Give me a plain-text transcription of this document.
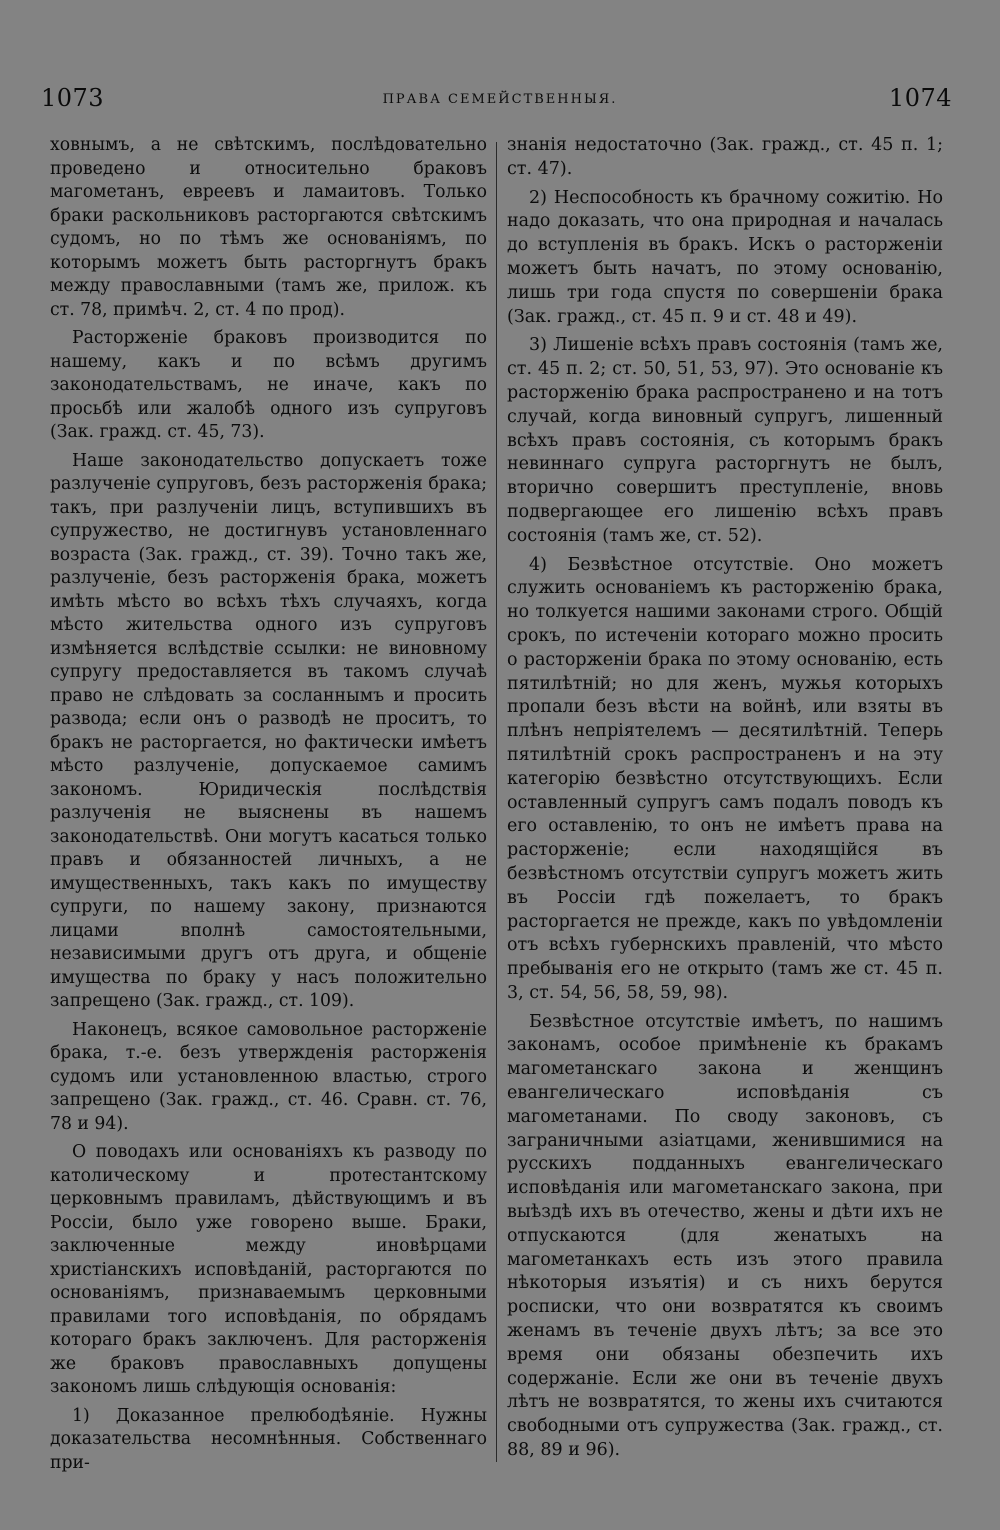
1073	ПРАВА СЕМЕЙСТВЕННЫЯ.	1074

ховнымъ, а не свѣтскимъ, послѣдовательно проведено и относительно браковъ магометанъ, евреевъ и ламаитовъ. Только браки раскольниковъ расторгаются свѣтскимъ судомъ, но по тѣмъ же основаніямъ, по которымъ можетъ быть расторгнутъ бракъ между православными (тамъ же, прилож. къ ст. 78, примѣч. 2, ст. 4 по прод).

Расторженіе браковъ производится по нашему, какъ и по всѣмъ другимъ законодательствамъ, не иначе, какъ по просьбѣ или жалобѣ одного изъ супруговъ (Зак. гражд. ст. 45, 73).

Наше законодательство допускаетъ тоже разлученіе супруговъ, безъ расторженія брака; такъ, при разлученіи лицъ, вступившихъ въ супружество, не достигнувъ установленнаго возраста (Зак. гражд., ст. 39). Точно такъ же, разлученіе, безъ расторженія брака, можетъ имѣть мѣсто во всѣхъ тѣхъ случаяхъ, когда мѣсто жительства одного изъ супруговъ измѣняется вслѣдствіе ссылки: не виновному супругу предоставляется въ такомъ случаѣ право не слѣдовать за сосланнымъ и просить развода; если онъ о разводѣ не проситъ, то бракъ не расторгается, но фактически имѣетъ мѣсто разлученіе, допускаемое самимъ закономъ. Юридическія послѣдствія разлученія не выяснены въ нашемъ законодательствѣ. Они могутъ касаться только правъ и обязанностей личныхъ, а не имущественныхъ, такъ какъ по имуществу супруги, по нашему закону, признаются лицами вполнѣ самостоятельными, независимыми другъ отъ друга, и общеніе имущества по браку у насъ положительно запрещено (Зак. гражд., ст. 109).

Наконецъ, всякое самовольное расторженіе брака, т.-е. безъ утвержденія расторженія судомъ или установленною властью, строго запрещено (Зак. гражд., ст. 46. Сравн. ст. 76, 78 и 94).

О поводахъ или основаніяхъ къ разводу по католическому и протестантскому церковнымъ правиламъ, дѣйствующимъ и въ Россіи, было уже говорено выше. Браки, заключенные между иновѣрцами христіанскихъ исповѣданій, расторгаются по основаніямъ, признаваемымъ церковными правилами того исповѣданія, по обрядамъ котораго бракъ заключенъ. Для расторженія же браковъ православныхъ допущены закономъ лишь слѣдующія основанія:

1) Доказанное прелюбодѣяніе. Нужны доказательства несомнѣнныя. Собственнаго при-

знанія недостаточно (Зак. гражд., ст. 45 п. 1; ст. 47).

2) Неспособность къ брачному сожитію. Но надо доказать, что она природная и началась до вступленія въ бракъ. Искъ о расторженіи можетъ быть начатъ, по этому основанію, лишь три года спустя по совершеніи брака (Зак. гражд., ст. 45 п. 9 и ст. 48 и 49).

3) Лишеніе всѣхъ правъ состоянія (тамъ же, ст. 45 п. 2; ст. 50, 51, 53, 97). Это основаніе къ расторженію брака распространено и на тотъ случай, когда виновный супругъ, лишенный всѣхъ правъ состоянія, съ которымъ бракъ невиннаго супруга расторгнутъ не былъ, вторично совершитъ преступленіе, вновь подвергающее его лишенію всѣхъ правъ состоянія (тамъ же, ст. 52).

4) Безвѣстное отсутствіе. Оно можетъ служить основаніемъ къ расторженію брака, но толкуется нашими законами строго. Общій срокъ, по истеченіи котораго можно просить о расторженіи брака по этому основанію, есть пятилѣтній; но для женъ, мужья которыхъ пропали безъ вѣсти на войнѣ, или взяты въ плѣнъ непріятелемъ — десятилѣтній. Теперь пятилѣтній срокъ распространенъ и на эту категорію безвѣстно отсутствующихъ. Если оставленный супругъ самъ подалъ поводъ къ его оставленію, то онъ не имѣетъ права на расторженіе; если находящійся въ безвѣстномъ отсутствіи супругъ можетъ жить въ Россіи гдѣ пожелаетъ, то бракъ расторгается не прежде, какъ по увѣдомленіи отъ всѣхъ губернскихъ правленій, что мѣсто пребыванія его не открыто (тамъ же ст. 45 п. 3, ст. 54, 56, 58, 59, 98).

Безвѣстное отсутствіе имѣетъ, по нашимъ законамъ, особое примѣненіе къ бракамъ магометанскаго закона и женщинъ евангелическаго исповѣданія съ магометанами. По своду законовъ, съ заграничными азіатцами, женившимися на русскихъ подданныхъ евангелическаго исповѣданія или магометанскаго закона, при выѣздѣ ихъ въ отечество, жены и дѣти ихъ не отпускаются (для женатыхъ на магометанкахъ есть изъ этого правила нѣкоторыя изъятія) и съ нихъ берутся росписки, что они возвратятся къ своимъ женамъ въ теченіе двухъ лѣтъ; за все это время они обязаны обезпечить ихъ содержаніе. Если же они въ теченіе двухъ лѣтъ не возвратятся, то жены ихъ считаются свободными отъ супружества (Зак. гражд., ст. 88, 89 и 96).
